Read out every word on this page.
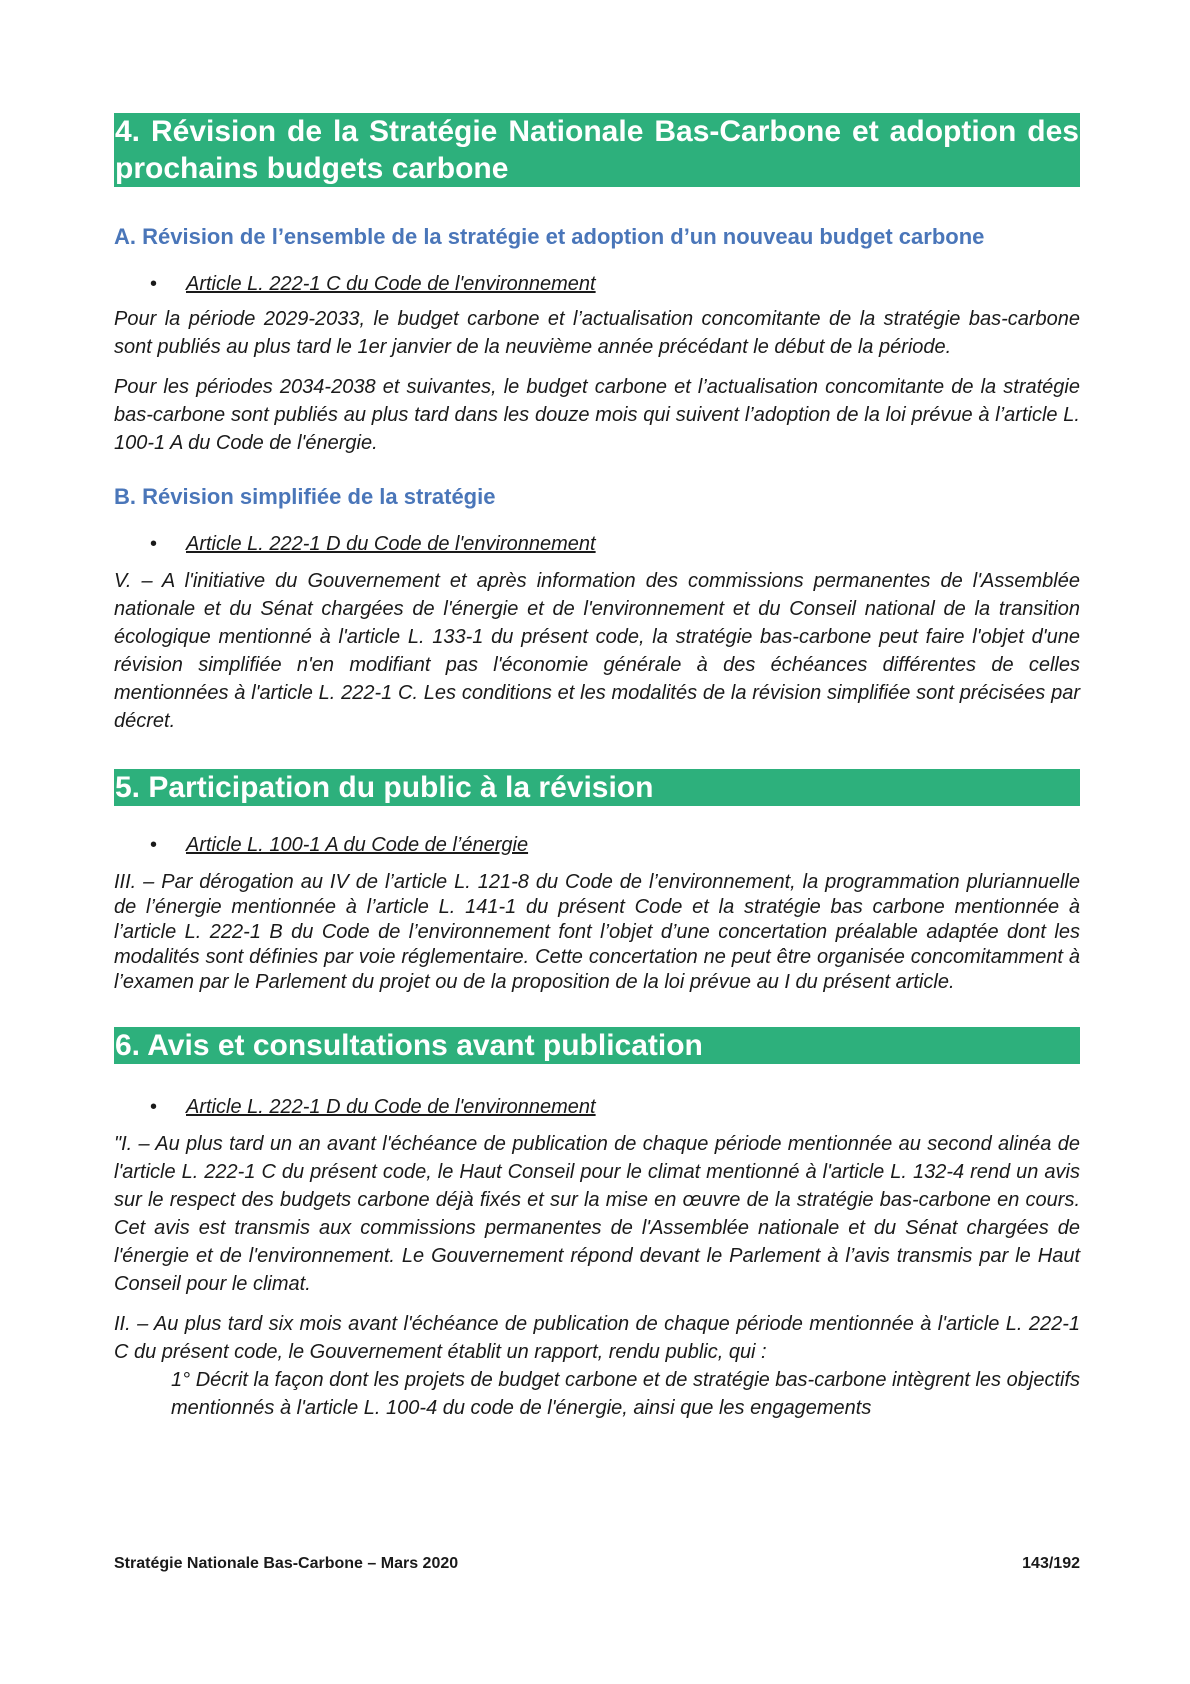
4. Révision de la Stratégie Nationale Bas-Carbone et adoption des prochains budgets carbone
A. Révision de l’ensemble de la stratégie et adoption d’un nouveau budget carbone
• Article L. 222-1 C du Code de l'environnement

Pour la période 2029-2033, le budget carbone et l’actualisation concomitante de la stratégie bas-carbone sont publiés au plus tard le 1er janvier de la neuvième année précédant le début de la période.

Pour les périodes 2034-2038 et suivantes, le budget carbone et l’actualisation concomitante de la stratégie bas-carbone sont publiés au plus tard dans les douze mois qui suivent l’adoption de la loi prévue à l’article L. 100-1 A du Code de l'énergie.

B. Révision simplifiée de la stratégie
• Article L. 222-1 D du Code de l'environnement

V. – A l'initiative du Gouvernement et après information des commissions permanentes de l'Assemblée nationale et du Sénat chargées de l'énergie et de l'environnement et du Conseil national de la transition écologique mentionné à l'article L. 133-1 du présent code, la stratégie bas-carbone peut faire l'objet d'une révision simplifiée n'en modifiant pas l'économie générale à des échéances différentes de celles mentionnées à l'article L. 222-1 C. Les conditions et les modalités de la révision simplifiée sont précisées par décret.

5. Participation du public à la révision
• Article L. 100-1 A du Code de l’énergie

III. – Par dérogation au IV de l’article L. 121-8 du Code de l’environnement, la programmation pluriannuelle de l’énergie mentionnée à l’article L. 141-1 du présent Code et la stratégie bas carbone mentionnée à l’article L. 222-1 B du Code de l’environnement font l’objet d’une concertation préalable adaptée dont les modalités sont définies par voie réglementaire. Cette concertation ne peut être organisée concomitamment à l’examen par le Parlement du projet ou de la proposition de la loi prévue au I du présent article.

6. Avis et consultations avant publication
• Article L. 222-1 D du Code de l'environnement

"I. – Au plus tard un an avant l'échéance de publication de chaque période mentionnée au second alinéa de l'article L. 222-1 C du présent code, le Haut Conseil pour le climat mentionné à l'article L. 132-4 rend un avis sur le respect des budgets carbone déjà fixés et sur la mise en œuvre de la stratégie bas-carbone en cours. Cet avis est transmis aux commissions permanentes de l'Assemblée nationale et du Sénat chargées de l'énergie et de l'environnement. Le Gouvernement répond devant le Parlement à l’avis transmis par le Haut Conseil pour le climat.

II. – Au plus tard six mois avant l'échéance de publication de chaque période mentionnée à l'article L. 222-1 C du présent code, le Gouvernement établit un rapport, rendu public, qui :

1° Décrit la façon dont les projets de budget carbone et de stratégie bas-carbone intègrent les objectifs mentionnés à l'article L. 100-4 du code de l'énergie, ainsi que les engagements

Stratégie Nationale Bas-Carbone – Mars 2020	143/192
